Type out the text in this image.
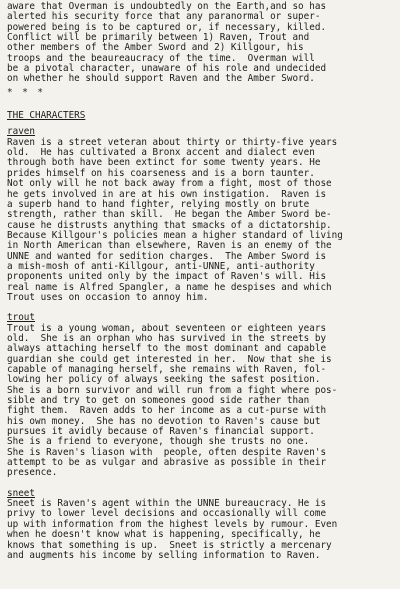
aware that Overman is undoubtedly on the Earth,and so has
alerted his security force that any paranormal or super-
powered being is to be captured or, if necessary, killed.
Conflict will be primarily between 1) Raven, Trout and
other members of the Amber Sword and 2) Killgour, his
troops and the beaureaucracy of the time.  Overman will
be a pivotal character, unaware of his role and undecided
on whether he should support Raven and the Amber Sword.
* * *
THE CHARACTERS
raven
Raven is a street veteran about thirty or thirty-five years
old.  He has cultivated a Bronx accent and dialect even
through both have been extinct for some twenty years. He
prides himself on his coarseness and is a born taunter.
Not only will he not back away from a fight, most of those
he gets involved in are at his own instigation.  Raven is
a superb hand to hand fighter, relying mostly on brute
strength, rather than skill.  He began the Amber Sword be-
cause he distrusts anything that smacks of a dictatorship.
Because Killgour's policies mean a higher standard of living
in North American than elsewhere, Raven is an enemy of the
UNNE and wanted for sedition charges.  The Amber Sword is
a mish-mosh of anti-Killgour, anti-UNNE, anti-authority
proponents united only by the impact of Raven's will. His
real name is Alfred Spangler, a name he despises and which
Trout uses on occasion to annoy him.
trout
Trout is a young woman, about seventeen or eighteen years
old.  She is an orphan who has survived in the streets by
always attaching herself to the most dominant and capable
guardian she could get interested in her.  Now that she is
capable of managing herself, she remains with Raven, fol-
lowing her policy of always seeking the safest position.
She is a born survivor and will run from a fight where pos-
sible and try to get on someones good side rather than
fight them.  Raven adds to her income as a cut-purse with
his own money.  She has no devotion to Raven's cause but
pursues it avidly because of Raven's financial support.
She is a friend to everyone, though she trusts no one.
She is Raven's liason with  people, often despite Raven's
attempt to be as vulgar and abrasive as possible in their
presence.
sneet
Sneet is Raven's agent within the UNNE bureaucracy. He is
privy to lower level decisions and occasionally will come
up with information from the highest levels by rumour. Even
when he doesn't know what is happening, specifically, he
knows that something is up.  Sneet is strictly a mercenary
and augments his income by selling information to Raven.
